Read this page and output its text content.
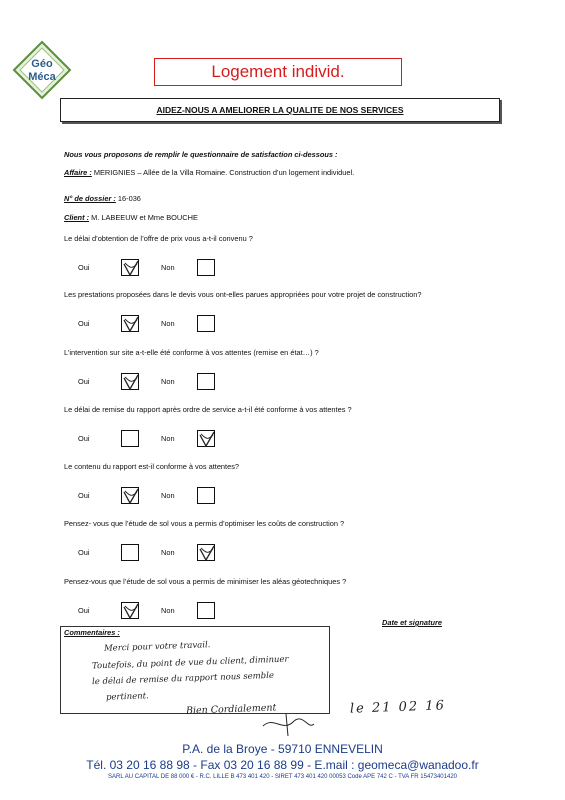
Géo
Méca	Logement individ.
AIDEZ-NOUS A AMELIORER LA QUALITE DE NOS SERVICES
Nous vous proposons de remplir le questionnaire de satisfaction ci-dessous :
Affaire : MERIGNIES – Allée de la Villa Romaine. Construction d’un logement individuel.
N° de dossier : 16-036
Client : M. LABEEUW et Mme BOUCHE
Le délai d’obtention de l’offre de prix vous a-t-il convenu ?
Oui	Non
Les prestations proposées dans le devis vous ont-elles parues appropriées pour votre projet de construction?
Oui	Non
L’intervention sur site a-t-elle été conforme à vos attentes (remise en état…) ?
Oui	Non
Le délai de remise du rapport après ordre de service a-t-il été conforme à vos attentes ?
Oui	Non
Le contenu du rapport est-il conforme à vos attentes?
Oui	Non
Pensez- vous que l’étude de sol vous a permis d’optimiser les coûts de construction ?
Oui	Non
Pensez-vous que l’étude de sol vous a permis de minimiser les aléas géotechniques ?
Oui	Non
Commentaires :
Merci pour votre travail.
Toutefois, du point de vue du client, diminuer
le délai de remise du rapport nous semble
pertinent.
Bien Cordialement
Date et signature
le 21 02 16
P.A. de la Broye - 59710 ENNEVELIN
Tél. 03 20 16 88 98 - Fax 03 20 16 88 99 - E.mail : geomeca@wanadoo.fr
SARL AU CAPITAL DE 88 000 € - R.C. LILLE B 473 401 420 - SIRET 473 401 420 00053 Code APE 742 C - TVA FR 15473401420
